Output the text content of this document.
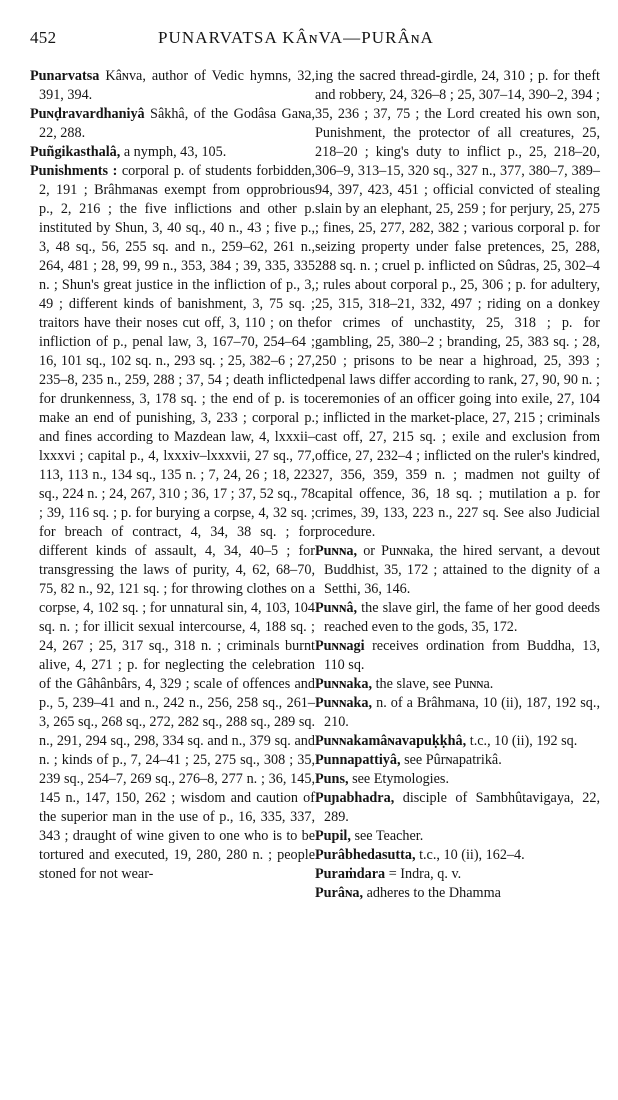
452	PUNARVATSA KÂɴVA—PURÂɴA

Punarvatsa Kâɴva, author of Vedic hymns, 32, 391, 394.

Puɴḍravardhaniyâ Sâkhâ, of the Godâsa Gaɴa, 22, 288.

Puñgikasthalâ, a nymph, 43, 105.

Punishments : corporal p. of students forbidden, 2, 191 ; Brâhmaɴas exempt from opprobrious p., 2, 216 ; the five inflictions and other p. instituted by Shun, 3, 40 sq., 40 n., 43 ; five p., 3, 48 sq., 56, 255 sq. and n., 259–62, 261 n., 264, 481 ; 28, 99, 99 n., 353, 384 ; 39, 335, 335 n. ; Shun's great justice in the infliction of p., 3, 49 ; different kinds of banishment, 3, 75 sq. ; traitors have their noses cut off, 3, 110 ; on the infliction of p., penal law, 3, 167–70, 254–64 ; 16, 101 sq., 102 sq. n., 293 sq. ; 25, 382–6 ; 27, 235–8, 235 n., 259, 288 ; 37, 54 ; death inflicted for drunkenness, 3, 178 sq. ; the end of p. is to make an end of punishing, 3, 233 ; corporal p. and fines according to Mazdean law, 4, lxxxii–lxxxvi ; capital p., 4, lxxxiv–lxxxvii, 27 sq., 77, 113, 113 n., 134 sq., 135 n. ; 7, 24, 26 ; 18, 223 sq., 224 n. ; 24, 267, 310 ; 36, 17 ; 37, 52 sq., 78 ; 39, 116 sq. ; p. for burying a corpse, 4, 32 sq. ; for breach of contract, 4, 34, 38 sq. ; for different kinds of assault, 4, 34, 40–5 ; for transgressing the laws of purity, 4, 62, 68–70, 75, 82 n., 92, 121 sq. ; for throwing clothes on a corpse, 4, 102 sq. ; for unnatural sin, 4, 103, 104 sq. n. ; for illicit sexual intercourse, 4, 188 sq. ; 24, 267 ; 25, 317 sq., 318 n. ; criminals burnt alive, 4, 271 ; p. for neglecting the celebration of the Gâhânbârs, 4, 329 ; scale of offences and p., 5, 239–41 and n., 242 n., 256, 258 sq., 261–3, 265 sq., 268 sq., 272, 282 sq., 288 sq., 289 sq. n., 291, 294 sq., 298, 334 sq. and n., 379 sq. and n. ; kinds of p., 7, 24–41 ; 25, 275 sq., 308 ; 35, 239 sq., 254–7, 269 sq., 276–8, 277 n. ; 36, 145, 145 n., 147, 150, 262 ; wisdom and caution of the superior man in the use of p., 16, 335, 337, 343 ; draught of wine given to one who is to be tortured and executed, 19, 280, 280 n. ; people stoned for not wear-

ing the sacred thread-girdle, 24, 310 ; p. for theft and robbery, 24, 326–8 ; 25, 307–14, 390–2, 394 ; 35, 236 ; 37, 75 ; the Lord created his own son, Punishment, the protector of all creatures, 25, 218–20 ; king's duty to inflict p., 25, 218–20, 306–9, 313–15, 320 sq., 327 n., 377, 380–7, 389–94, 397, 423, 451 ; official convicted of stealing slain by an elephant, 25, 259 ; for perjury, 25, 275 ; fines, 25, 277, 282, 382 ; various corporal p. for seizing property under false pretences, 25, 288, 288 sq. n. ; cruel p. inflicted on Sûdras, 25, 302–4 ; rules about corporal p., 25, 306 ; p. for adultery, 25, 315, 318–21, 332, 497 ; riding on a donkey for crimes of unchastity, 25, 318 ; p. for gambling, 25, 380–2 ; branding, 25, 383 sq. ; 28, 250 ; prisons to be near a highroad, 25, 393 ; penal laws differ according to rank, 27, 90, 90 n. ; ceremonies of an officer going into exile, 27, 104 ; inflicted in the market-place, 27, 215 ; criminals cast off, 27, 215 sq. ; exile and exclusion from office, 27, 232–4 ; inflicted on the ruler's kindred, 27, 356, 359, 359 n. ; madmen not guilty of capital offence, 36, 18 sq. ; mutilation a p. for crimes, 39, 133, 223 n., 227 sq. See also Judicial procedure.

Puɴɴa, or Puɴɴaka, the hired servant, a devout Buddhist, 35, 172 ; attained to the dignity of a Setthi, 36, 146.

Puɴɴâ, the slave girl, the fame of her good deeds reached even to the gods, 35, 172.

Puɴɴagi receives ordination from Buddha, 13, 110 sq.

Puɴɴaka, the slave, see Puɴɴa.

Puɴɴaka, n. of a Brâhmaɴa, 10 (ii), 187, 192 sq., 210.

Puɴɴakamâɴavapuḳḳhâ, t.c., 10 (ii), 192 sq.

Punnapattiyâ, see Pûrɴapatrikâ.

Puns, see Etymologies.

Puɲabhadra, disciple of Sambhûtavigaya, 22, 289.

Pupil, see Teacher.

Purâbhedasutta, t.c., 10 (ii), 162–4.

Puraṁdara = Indra, q. v.

Purâɴa, adheres to the Dhamma
